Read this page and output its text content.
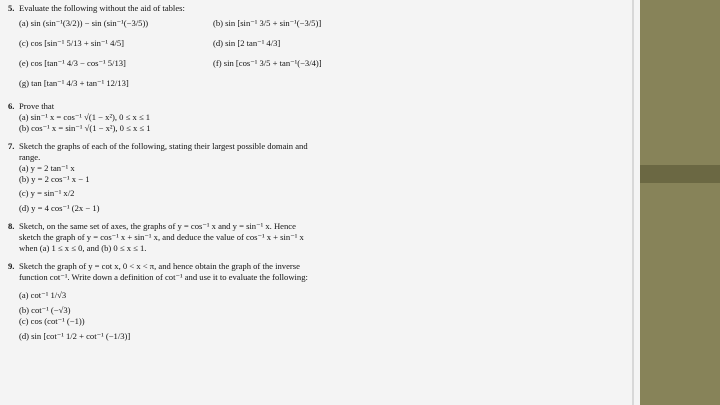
5. Evaluate the following without the aid of tables:
(a) sin (sin⁻¹(3/2)) − sin (sin⁻¹(−3/5))	(b) sin [sin⁻¹ 3/5 + sin⁻¹(−3/5)]
(c) cos [sin⁻¹ 5/13 + sin⁻¹ 4/5]	(d) sin [2 tan⁻¹ 4/3]
(e) cos [tan⁻¹ 4/3 − cos⁻¹ 5/13]	(f) sin [cos⁻¹ 3/5 + tan⁻¹(−3/4)]
(g) tan [tan⁻¹ 4/3 + tan⁻¹ 12/13]
6. Prove that
(a) sin⁻¹ x = cos⁻¹ √(1 − x²), 0 ≤ x ≤ 1
(b) cos⁻¹ x = sin⁻¹ √(1 − x²), 0 ≤ x ≤ 1
7. Sketch the graphs of each of the following, stating their largest possible domain and
range.
(a) y = 2 tan⁻¹ x
(b) y = 2 cos⁻¹ x − 1
(c) y = sin⁻¹ x/2
(d) y = 4 cos⁻¹ (2x − 1)
8. Sketch, on the same set of axes, the graphs of y = cos⁻¹ x and y = sin⁻¹ x. Hence
sketch the graph of y = cos⁻¹ x + sin⁻¹ x, and deduce the value of cos⁻¹ x + sin⁻¹ x
when (a) 1 ≤ x ≤ 0, and (b) 0 ≤ x ≤ 1.
9. Sketch the graph of y = cot x, 0 < x < π, and hence obtain the graph of the inverse
function cot⁻¹. Write down a definition of cot⁻¹ and use it to evaluate the following:
(a) cot⁻¹ 1/√3
(b) cot⁻¹ (−√3)
(c) cos (cot⁻¹ (−1))
(d) sin [cot⁻¹ 1/2 + cot⁻¹ (−1/3)]
